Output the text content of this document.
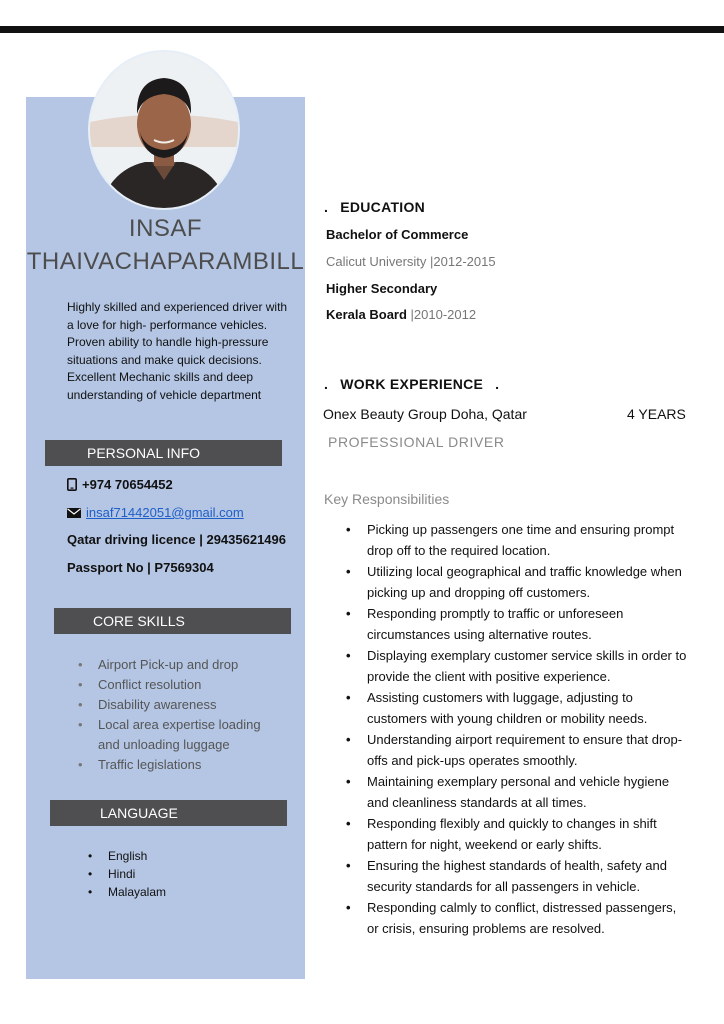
INSAF
THAIVACHAPARAMBILL
Highly skilled and experienced driver with a love for high- performance vehicles. Proven ability to handle high-pressure situations and make quick decisions. Excellent Mechanic skills and deep understanding of vehicle department
PERSONAL INFO
+974 70654452
insaf71442051@gmail.com
Qatar driving licence | 29435621496
Passport No | P7569304
CORE SKILLS
• Airport Pick-up and drop
• Conflict resolution
• Disability awareness
• Local area expertise loading and unloading luggage
• Traffic legislations
LANGUAGE
• English
• Hindi
• Malayalam
. EDUCATION
Bachelor of Commerce
Calicut University |2012-2015
Higher Secondary
Kerala Board |2010-2012
. WORK EXPERIENCE .
Onex Beauty Group Doha, Qatar	4 YEARS
PROFESSIONAL DRIVER
Key Responsibilities
• Picking up passengers one time and ensuring prompt drop off to the required location.
• Utilizing local geographical and traffic knowledge when picking up and dropping off customers.
• Responding promptly to traffic or unforeseen circumstances using alternative routes.
• Displaying exemplary customer service skills in order to provide the client with positive experience.
• Assisting customers with luggage, adjusting to customers with young children or mobility needs.
• Understanding airport requirement to ensure that drop-offs and pick-ups operates smoothly.
• Maintaining exemplary personal and vehicle hygiene and cleanliness standards at all times.
• Responding flexibly and quickly to changes in shift pattern for night, weekend or early shifts.
• Ensuring the highest standards of health, safety and security standards for all passengers in vehicle.
• Responding calmly to conflict, distressed passengers, or crisis, ensuring problems are resolved.
